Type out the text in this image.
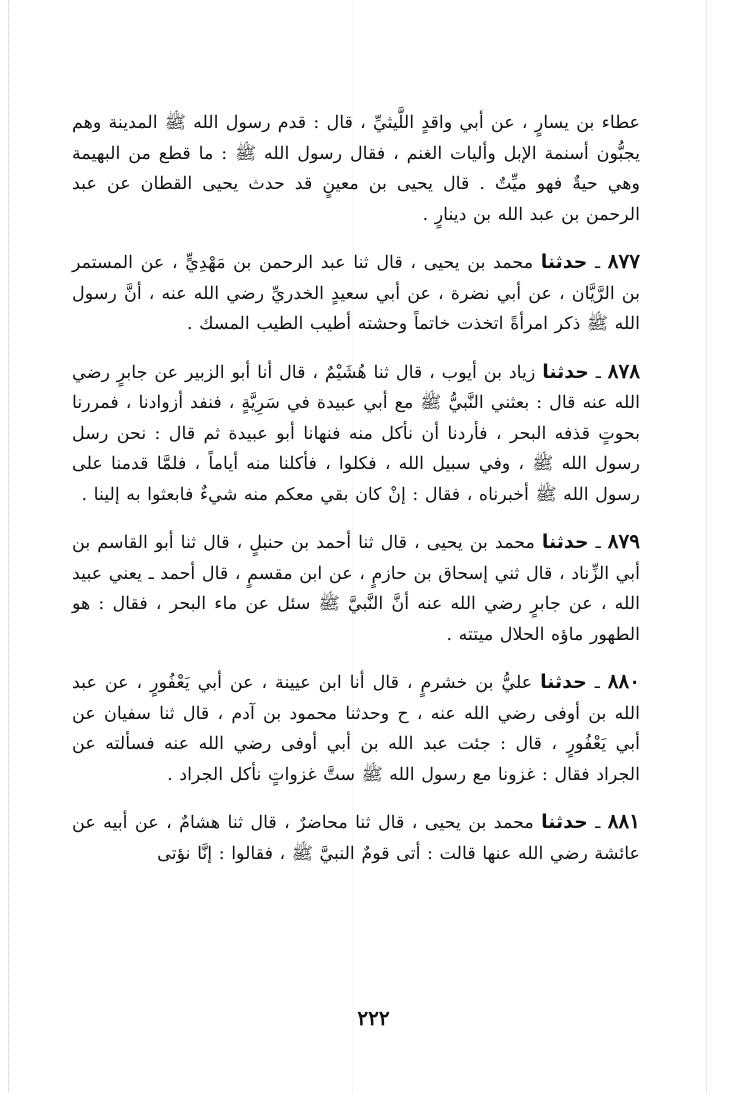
عطاء بن يسارٍ ، عن أبي واقدٍ اللَّيثيِّ ، قال : قدم رسول الله ﷺ المدينة وهم يجبُّون أسنمة الإبل وأليات الغنم ، فقال رسول الله ﷺ : ما قطع من البهيمة وهي حيةٌ فهو ميِّتٌ . قال يحيى بن معينٍ قد حدث يحيى القطان عن عبد الرحمن بن عبد الله بن دينارٍ .

٨٧٧ ـ حدثنا محمد بن يحيى ، قال ثنا عبد الرحمن بن مَهْدِيٍّ ، عن المستمر بن الرَّيَّان ، عن أبي نضرة ، عن أبي سعيدٍ الخدريِّ رضي الله عنه ، أنَّ رسول الله ﷺ ذكر امرأةً اتخذت خاتماً وحشته أطيب الطيب المسك .

٨٧٨ ـ حدثنا زياد بن أيوب ، قال ثنا هُشَيْمٌ ، قال أنا أبو الزبير عن جابرٍ رضي الله عنه قال : بعثني النَّبيُّ ﷺ مع أبي عبيدة في سَرِيَّةٍ ، فنفد أزوادنا ، فمررنا بحوتٍ قذفه البحر ، فأردنا أن نأكل منه فنهانا أبو عبيدة ثم قال : نحن رسل رسول الله ﷺ ، وفي سبيل الله ، فكلوا ، فأكلنا منه أياماً ، فلمَّا قدمنا على رسول الله ﷺ أخبرناه ، فقال : إنْ كان بقي معكم منه شيءٌ فابعثوا به إلينا .

٨٧٩ ـ حدثنا محمد بن يحيى ، قال ثنا أحمد بن حنبلٍ ، قال ثنا أبو القاسم بن أبي الزِّناد ، قال ثني إسحاق بن حازمٍ ، عن ابن مقسمٍ ، قال أحمد ـ يعني عبيد الله ، عن جابرٍ رضي الله عنه أنَّ النَّبيَّ ﷺ سئل عن ماء البحر ، فقال : هو الطهور ماؤه الحلال ميتته .

٨٨٠ ـ حدثنا عليُّ بن خشرمٍ ، قال أنا ابن عيينة ، عن أبي يَعْفُورٍ ، عن عبد الله بن أوفى رضي الله عنه ، ح وحدثنا محمود بن آدم ، قال ثنا سفيان عن أبي يَعْفُورٍ ، قال : جئت عبد الله بن أبي أوفى رضي الله عنه فسألته عن الجراد فقال : غزونا مع رسول الله ﷺ ستَّ غزواتٍ نأكل الجراد .

٨٨١ ـ حدثنا محمد بن يحيى ، قال ثنا محاضرٌ ، قال ثنا هشامٌ ، عن أبيه عن عائشة رضي الله عنها قالت : أتى قومٌ النبيَّ ﷺ ، فقالوا : إنَّا نؤتى

٢٢٢
